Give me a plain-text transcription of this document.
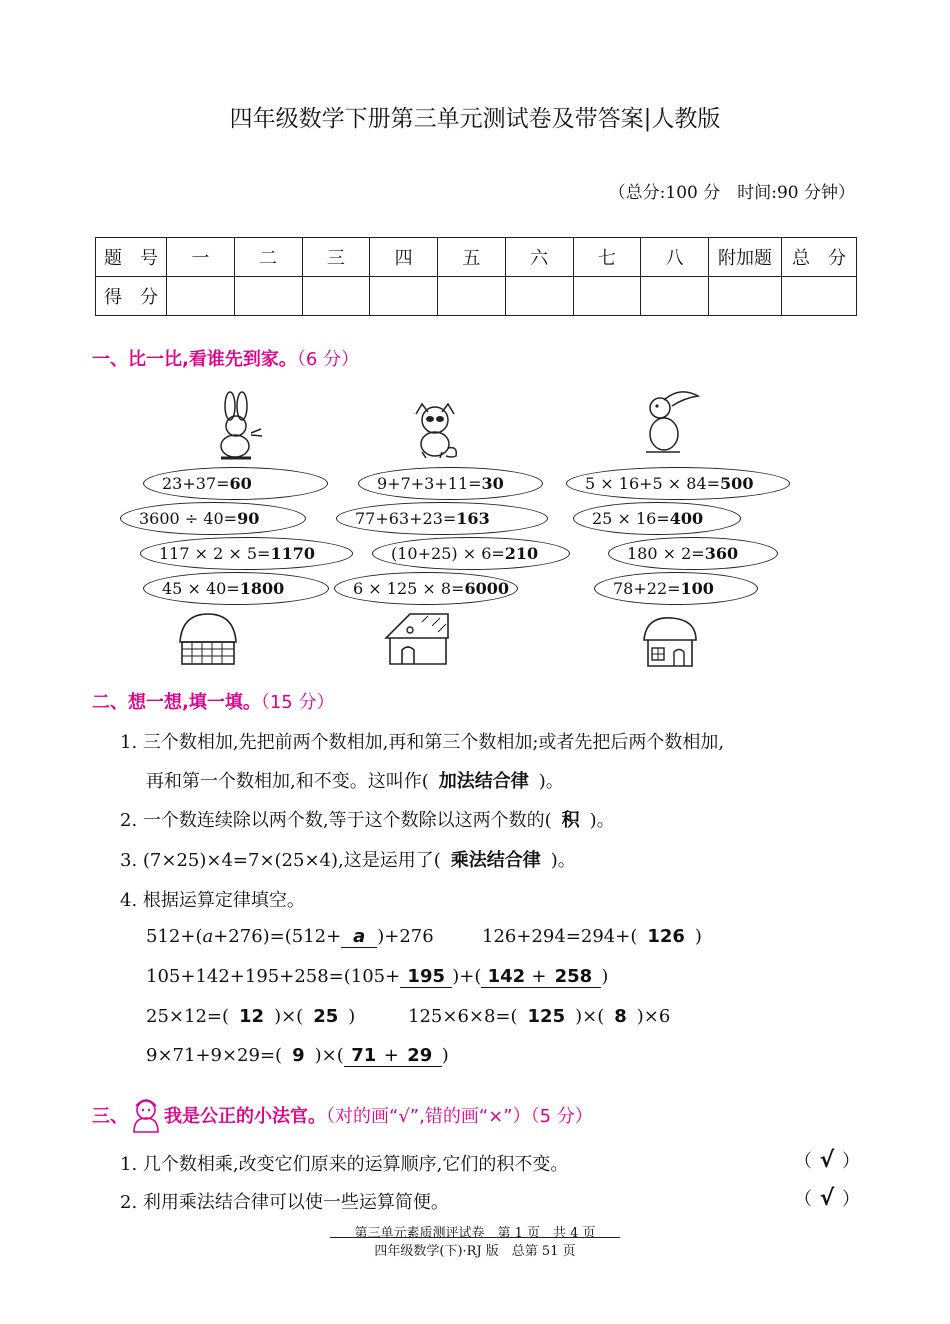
四年级数学下册第三单元测试卷及带答案|人教版
（总分:100 分　时间:90 分钟）
题　号	一	二	三	四	五	六	七	八	附加题	总　分
得　分										
一、比一比,看谁先到家。（6 分）
23+37= 60
3600 ÷ 40= 90
117 × 2 × 5= 1170
45 × 40= 1800
9+7+3+11= 30
77+63+23= 163
(10+25) × 6= 210
6 × 125 × 8= 6000
5 × 16+5 × 84= 500
25 × 16= 400
180 × 2= 360
78+22= 100
二、想一想,填一填。（15 分）
1. 三个数相加,先把前两个数相加,再和第三个数相加;或者先把后两个数相加,
再和第一个数相加,和不变。这叫作( 加法结合律 )。
2. 一个数连续除以两个数,等于这个数除以这两个数的( 积 )。
3. (7×25)×4=7×(25×4),这是运用了( 乘法结合律 )。
4. 根据运算定律填空。
512+(a+276)=(512+ a )+276	126+294=294+( 126 )
105+142+195+258=(105+ 195 )+( 142 + 258 )
25×12=( 12 )×( 25 )	125×6×8=( 125 )×( 8 )×6
9×71+9×29=( 9 )×( 71 + 29 )
三、 我是公正的小法官。（对的画“√”,错的画“×”）（5 分）
1. 几个数相乘,改变它们原来的运算顺序,它们的积不变。	（ √ ）
2. 利用乘法结合律可以使一些运算简便。	（ √ ）
第三单元素质测评试卷　第 1 页　共 4 页
四年级数学(下)·RJ 版　总第 51 页
